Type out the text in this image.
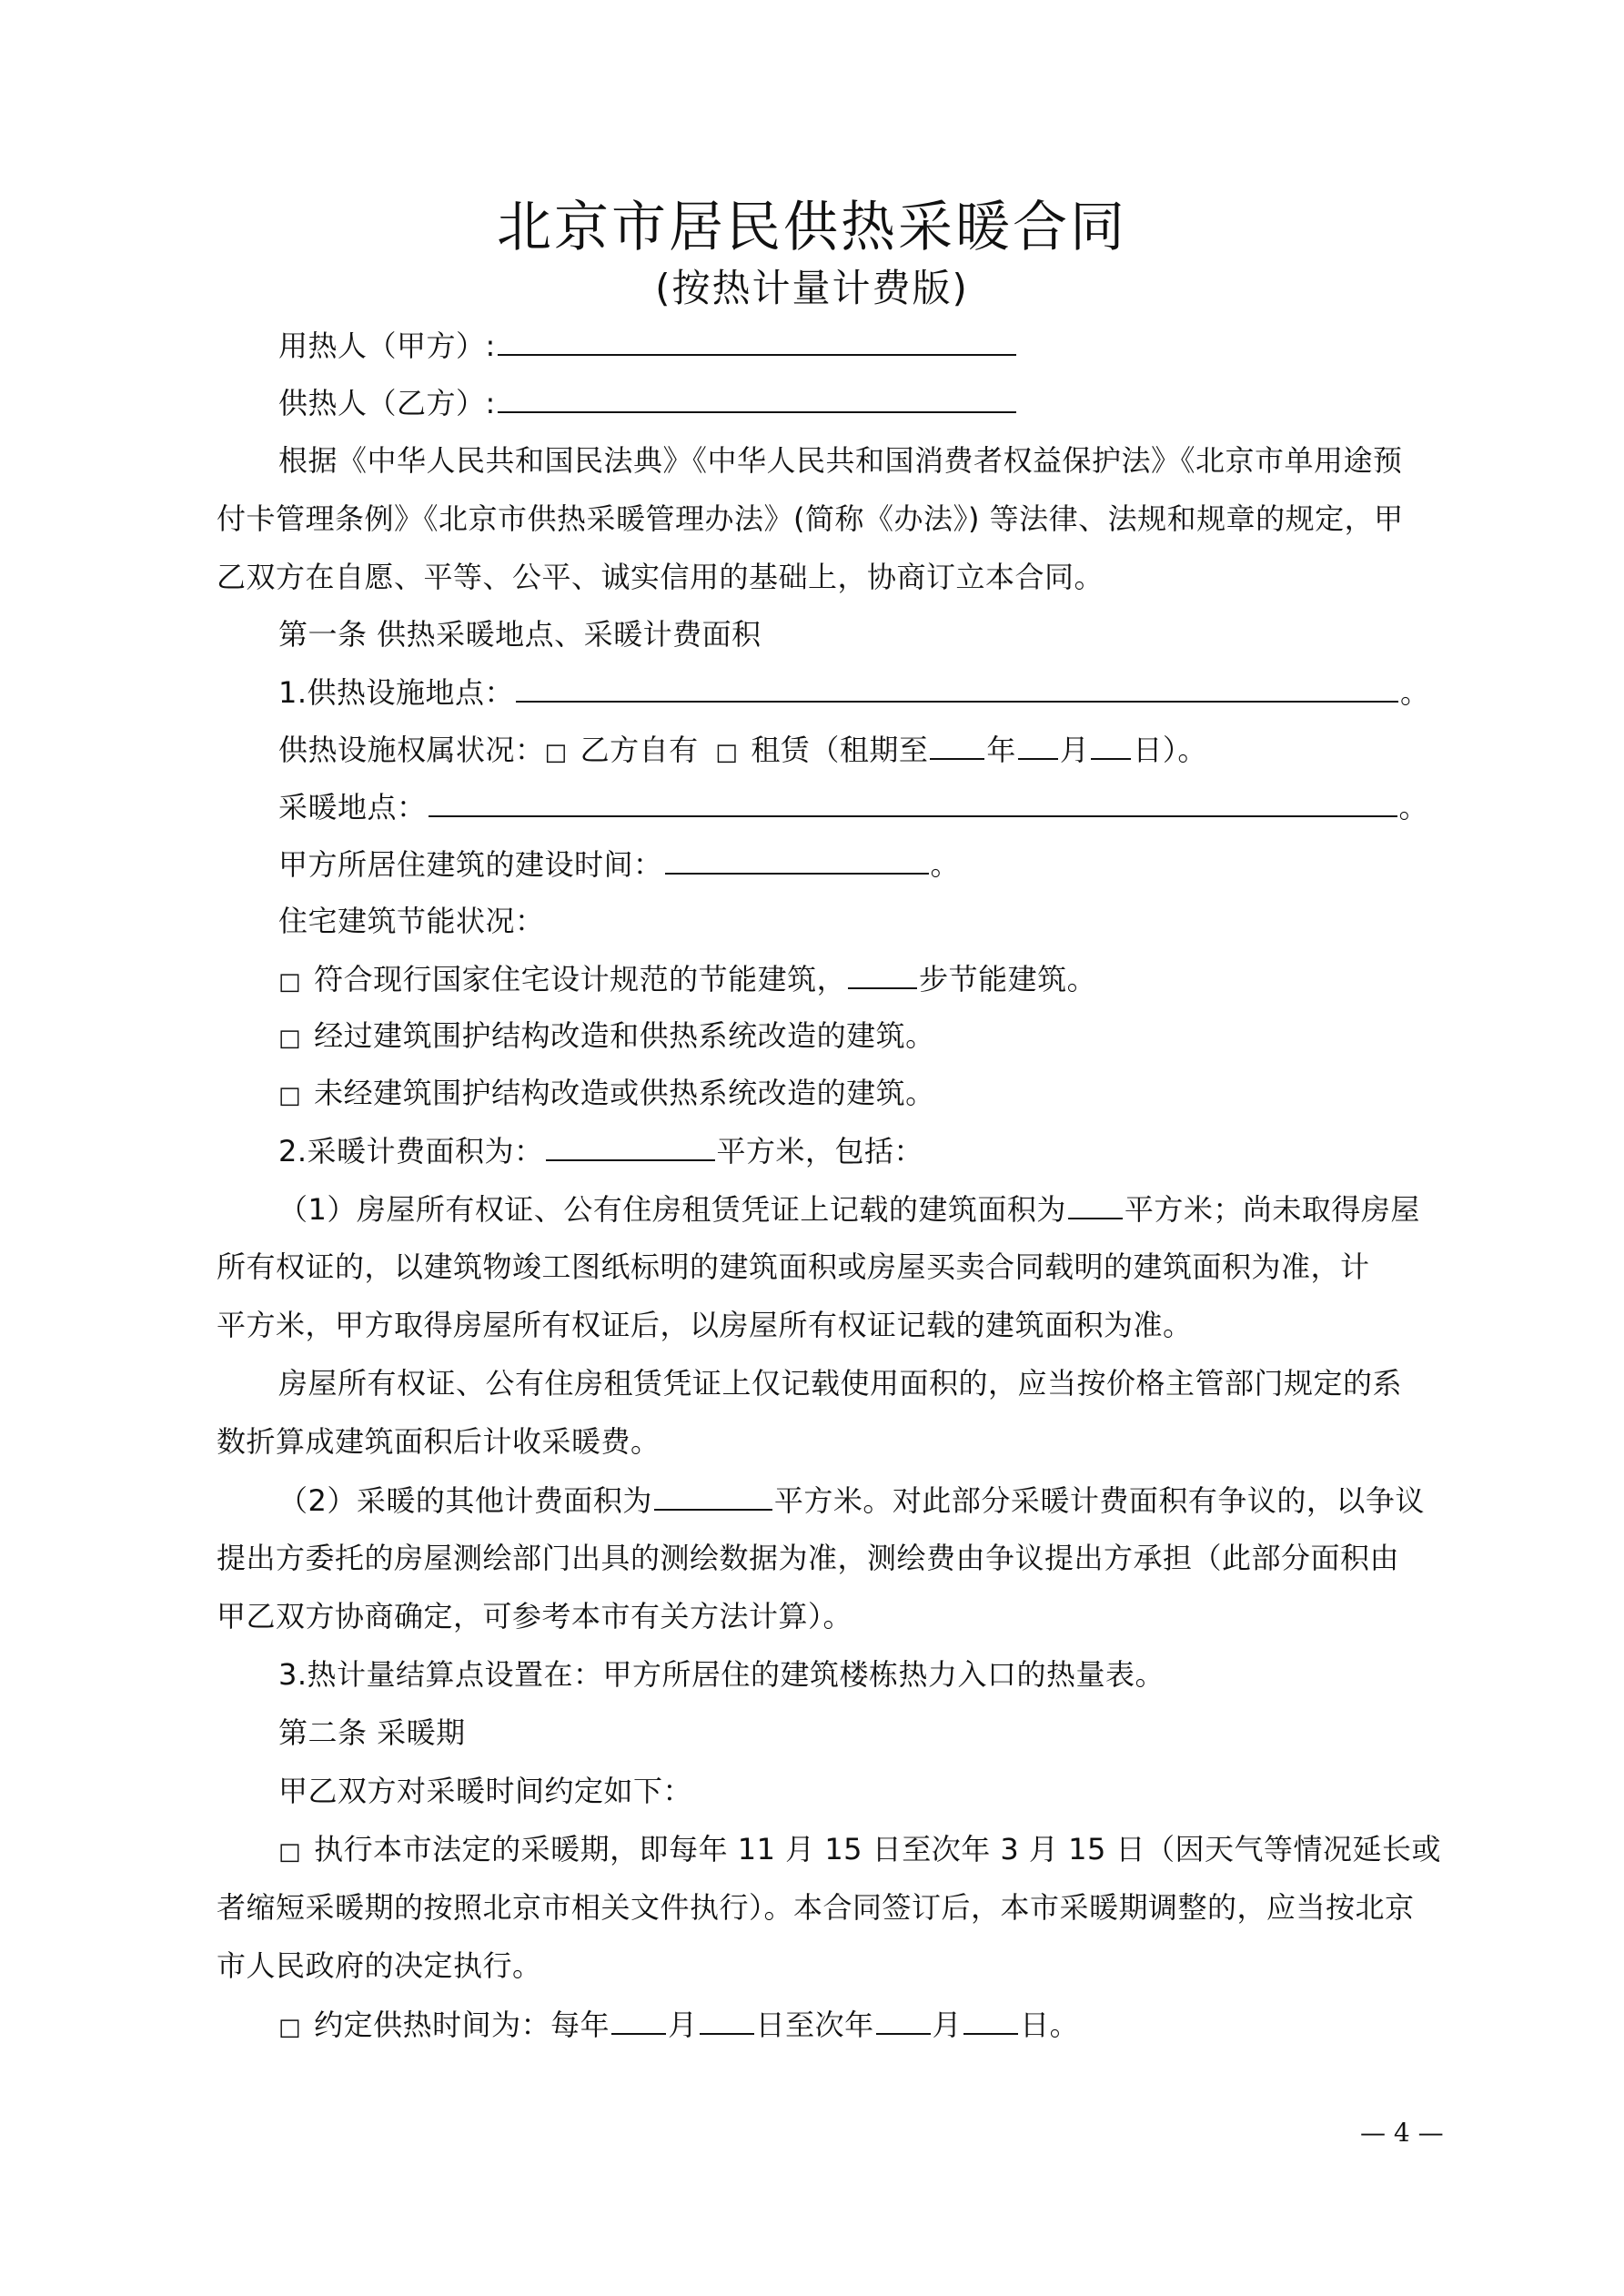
北京市居民供热采暖合同
(按热计量计费版)
用热人（甲方）:
供热人（乙方）:
根据《中华人民共和国民法典》《中华人民共和国消费者权益保护法》《北京市单用途预
付卡管理条例》《北京市供热采暖管理办法》(简称《办法》) 等法律、法规和规章的规定，甲
乙双方在自愿、平等、公平、诚实信用的基础上，协商订立本合同。
第一条 供热采暖地点、采暖计费面积
1.供热设施地点：	。
供热设施权属状况：□ 乙方自有 □ 租赁（租期至 年 月 日）。
采暖地点：	。
甲方所居住建筑的建设时间：	。
住宅建筑节能状况：
□ 符合现行国家住宅设计规范的节能建筑，	步节能建筑。
□ 经过建筑围护结构改造和供热系统改造的建筑。
□ 未经建筑围护结构改造或供热系统改造的建筑。
2.采暖计费面积为：	平方米，包括：
（1）房屋所有权证、公有住房租赁凭证上记载的建筑面积为 平方米；尚未取得房屋
所有权证的，以建筑物竣工图纸标明的建筑面积或房屋买卖合同载明的建筑面积为准，计
平方米，甲方取得房屋所有权证后，以房屋所有权证记载的建筑面积为准。
房屋所有权证、公有住房租赁凭证上仅记载使用面积的，应当按价格主管部门规定的系
数折算成建筑面积后计收采暖费。
（2）采暖的其他计费面积为	平方米。对此部分采暖计费面积有争议的，以争议
提出方委托的房屋测绘部门出具的测绘数据为准，测绘费由争议提出方承担（此部分面积由
甲乙双方协商确定，可参考本市有关方法计算）。
3.热计量结算点设置在：甲方所居住的建筑楼栋热力入口的热量表。
第二条 采暖期
甲乙双方对采暖时间约定如下：
□ 执行本市法定的采暖期，即每年 11 月 15 日至次年 3 月 15 日（因天气等情况延长或
者缩短采暖期的按照北京市相关文件执行）。本合同签订后，本市采暖期调整的，应当按北京
市人民政府的决定执行。
□ 约定供热时间为：每年 月 日至次年 月 日。
— 4 —
